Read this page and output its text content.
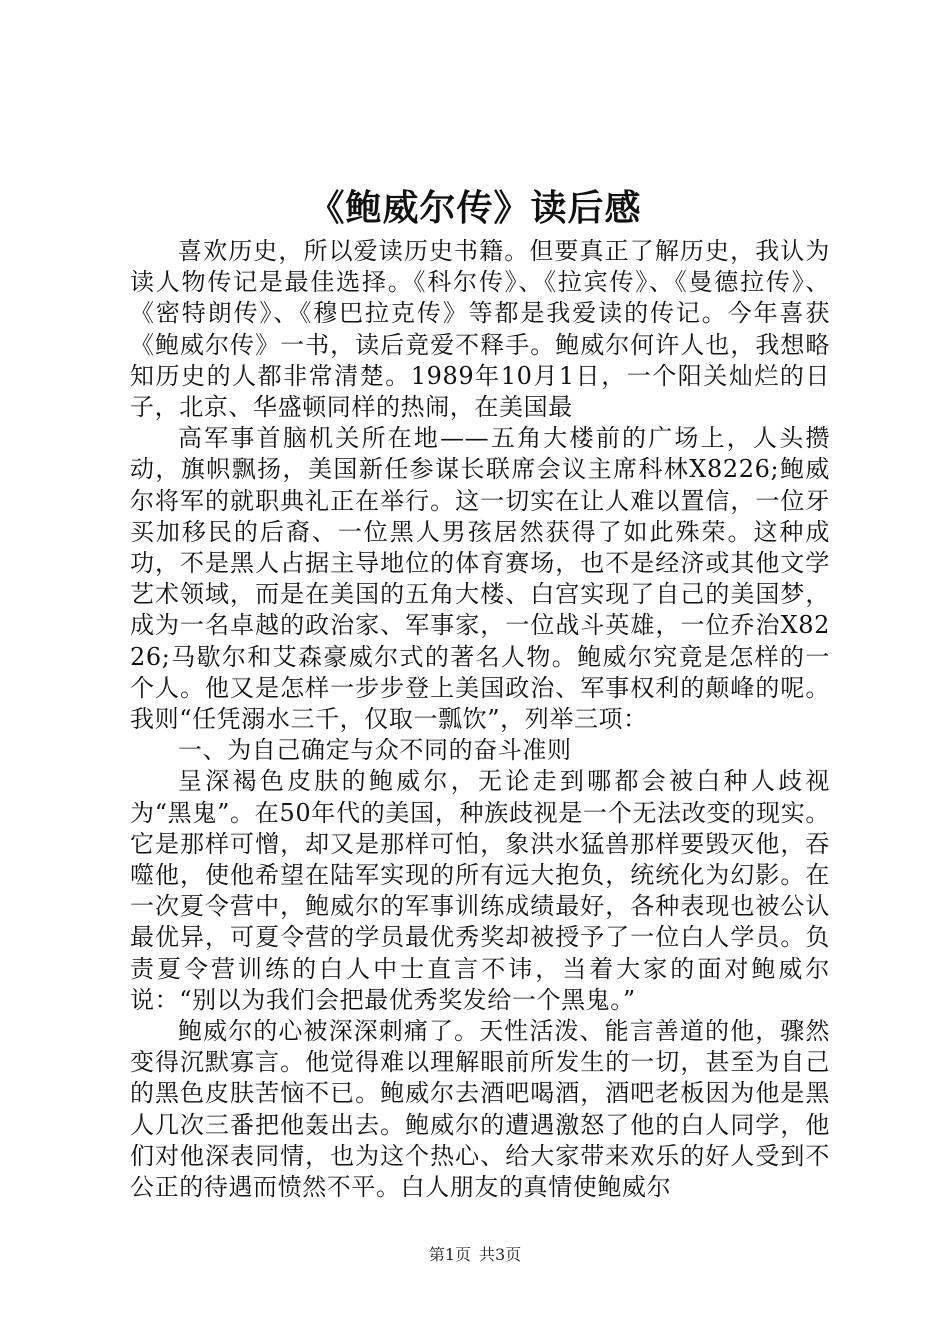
《鲍威尔传》读后感

喜欢历史，所以爱读历史书籍。但要真正了解历史，我认为读人物传记是最佳选择。《科尔传》、《拉宾传》、《曼德拉传》、《密特朗传》、《穆巴拉克传》等都是我爱读的传记。今年喜获《鲍威尔传》一书，读后竟爱不释手。鲍威尔何许人也，我想略知历史的人都非常清楚。1989年10月1日，一个阳关灿烂的日子，北京、华盛顿同样的热闹，在美国最

高军事首脑机关所在地——五角大楼前的广场上，人头攒动，旗帜飘扬，美国新任参谋长联席会议主席科林X8226;鲍威尔将军的就职典礼正在举行。这一切实在让人难以置信，一位牙买加移民的后裔、一位黑人男孩居然获得了如此殊荣。这种成功，不是黑人占据主导地位的体育赛场，也不是经济或其他文学艺术领域，而是在美国的五角大楼、白宫实现了自己的美国梦，成为一名卓越的政治家、军事家，一位战斗英雄，一位乔治X8226;马歇尔和艾森豪威尔式的著名人物。鲍威尔究竟是怎样的一个人。他又是怎样一步步登上美国政治、军事权利的颠峰的呢。我则“任凭溺水三千，仅取一瓢饮”，列举三项：

一、为自己确定与众不同的奋斗准则

呈深褐色皮肤的鲍威尔，无论走到哪都会被白种人歧视为“黑鬼”。在50年代的美国，种族歧视是一个无法改变的现实。它是那样可憎，却又是那样可怕，象洪水猛兽那样要毁灭他，吞噬他，使他希望在陆军实现的所有远大抱负，统统化为幻影。在一次夏令营中，鲍威尔的军事训练成绩最好，各种表现也被公认最优异，可夏令营的学员最优秀奖却被授予了一位白人学员。负责夏令营训练的白人中士直言不讳，当着大家的面对鲍威尔说：“别以为我们会把最优秀奖发给一个黑鬼。”

鲍威尔的心被深深刺痛了。天性活泼、能言善道的他，骤然变得沉默寡言。他觉得难以理解眼前所发生的一切，甚至为自己的黑色皮肤苦恼不已。鲍威尔去酒吧喝酒，酒吧老板因为他是黑人几次三番把他轰出去。鲍威尔的遭遇激怒了他的白人同学，他们对他深表同情，也为这个热心、给大家带来欢乐的好人受到不公正的待遇而愤然不平。白人朋友的真情使鲍威尔

第1页 共3页
